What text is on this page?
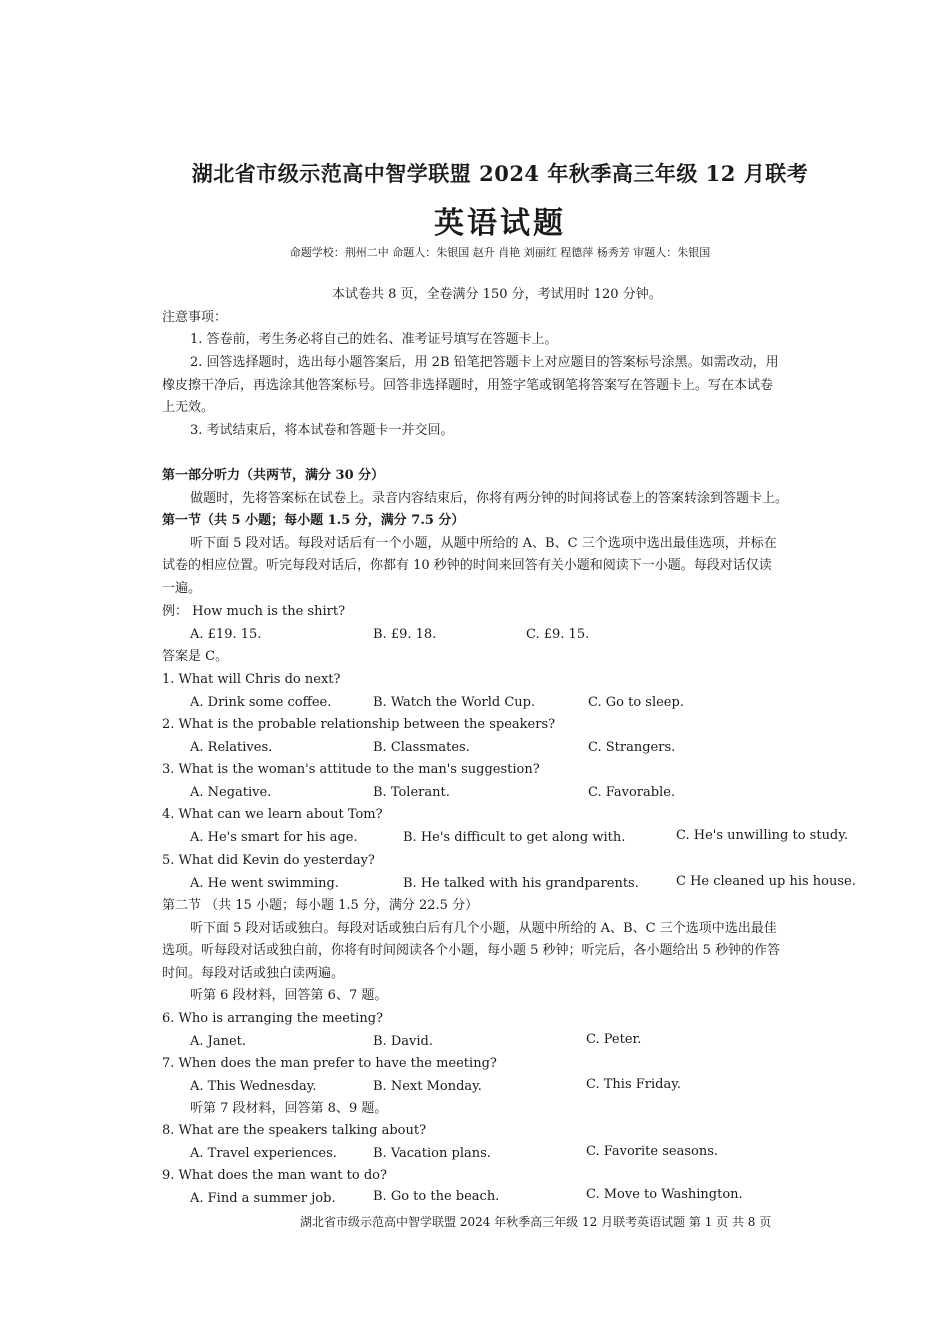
湖北省市级示范高中智学联盟 2024 年秋季高三年级 12 月联考
英语试题
命题学校：荆州二中 命题人：朱银国 赵升 肖艳 刘丽红 程德萍 杨秀芳 审题人：朱银国
本试卷共 8 页，全卷满分 150 分，考试用时 120 分钟。
注意事项：
1. 答卷前，考生务必将自己的姓名、准考证号填写在答题卡上。
2. 回答选择题时，选出每小题答案后，用 2B 铅笔把答题卡上对应题目的答案标号涂黑。如需改动，用
橡皮擦干净后，再选涂其他答案标号。回答非选择题时，用签字笔或钢笔将答案写在答题卡上。写在本试卷
上无效。
3. 考试结束后，将本试卷和答题卡一并交回。
第一部分听力（共两节，满分 30 分）
做题时，先将答案标在试卷上。录音内容结束后，你将有两分钟的时间将试卷上的答案转涂到答题卡上。
第一节（共 5 小题；每小题 1.5 分，满分 7.5 分）
听下面 5 段对话。每段对话后有一个小题，从题中所给的 A、B、C 三个选项中选出最佳选项，并标在
试卷的相应位置。听完每段对话后，你都有 10 秒钟的时间来回答有关小题和阅读下一小题。每段对话仅读
一遍。
例： How much is the shirt?
A. £19. 15.	B. £9. 18.	C. £9. 15.
答案是 C。
1. What will Chris do next?
A. Drink some coffee.	B. Watch the World Cup.	C. Go to sleep.
2. What is the probable relationship between the speakers?
A. Relatives.	B. Classmates.	C. Strangers.
3. What is the woman's attitude to the man's suggestion?
A. Negative.	B. Tolerant.	C. Favorable.
4. What can we learn about Tom?
A. He's smart for his age.	B. He's difficult to get along with.	C. He's unwilling to study.
5. What did Kevin do yesterday?
A. He went swimming.	B. He talked with his grandparents.	C He cleaned up his house.
第二节 （共 15 小题；每小题 1.5 分，满分 22.5 分）
听下面 5 段对话或独白。每段对话或独白后有几个小题，从题中所给的 A、B、C 三个选项中选出最佳
选项。听每段对话或独白前，你将有时间阅读各个小题，每小题 5 秒钟；听完后，各小题给出 5 秒钟的作答
时间。每段对话或独白读两遍。
听第 6 段材料，回答第 6、7 题。
6. Who is arranging the meeting?
A. Janet.	B. David.	C. Peter.
7. When does the man prefer to have the meeting?
A. This Wednesday.	B. Next Monday.	C. This Friday.
听第 7 段材料，回答第 8、9 题。
8. What are the speakers talking about?
A. Travel experiences.	B. Vacation plans.	C. Favorite seasons.
9. What does the man want to do?
A. Find a summer job.	B. Go to the beach.	C. Move to Washington.
湖北省市级示范高中智学联盟 2024 年秋季高三年级 12 月联考英语试题 第 1 页 共 8 页
